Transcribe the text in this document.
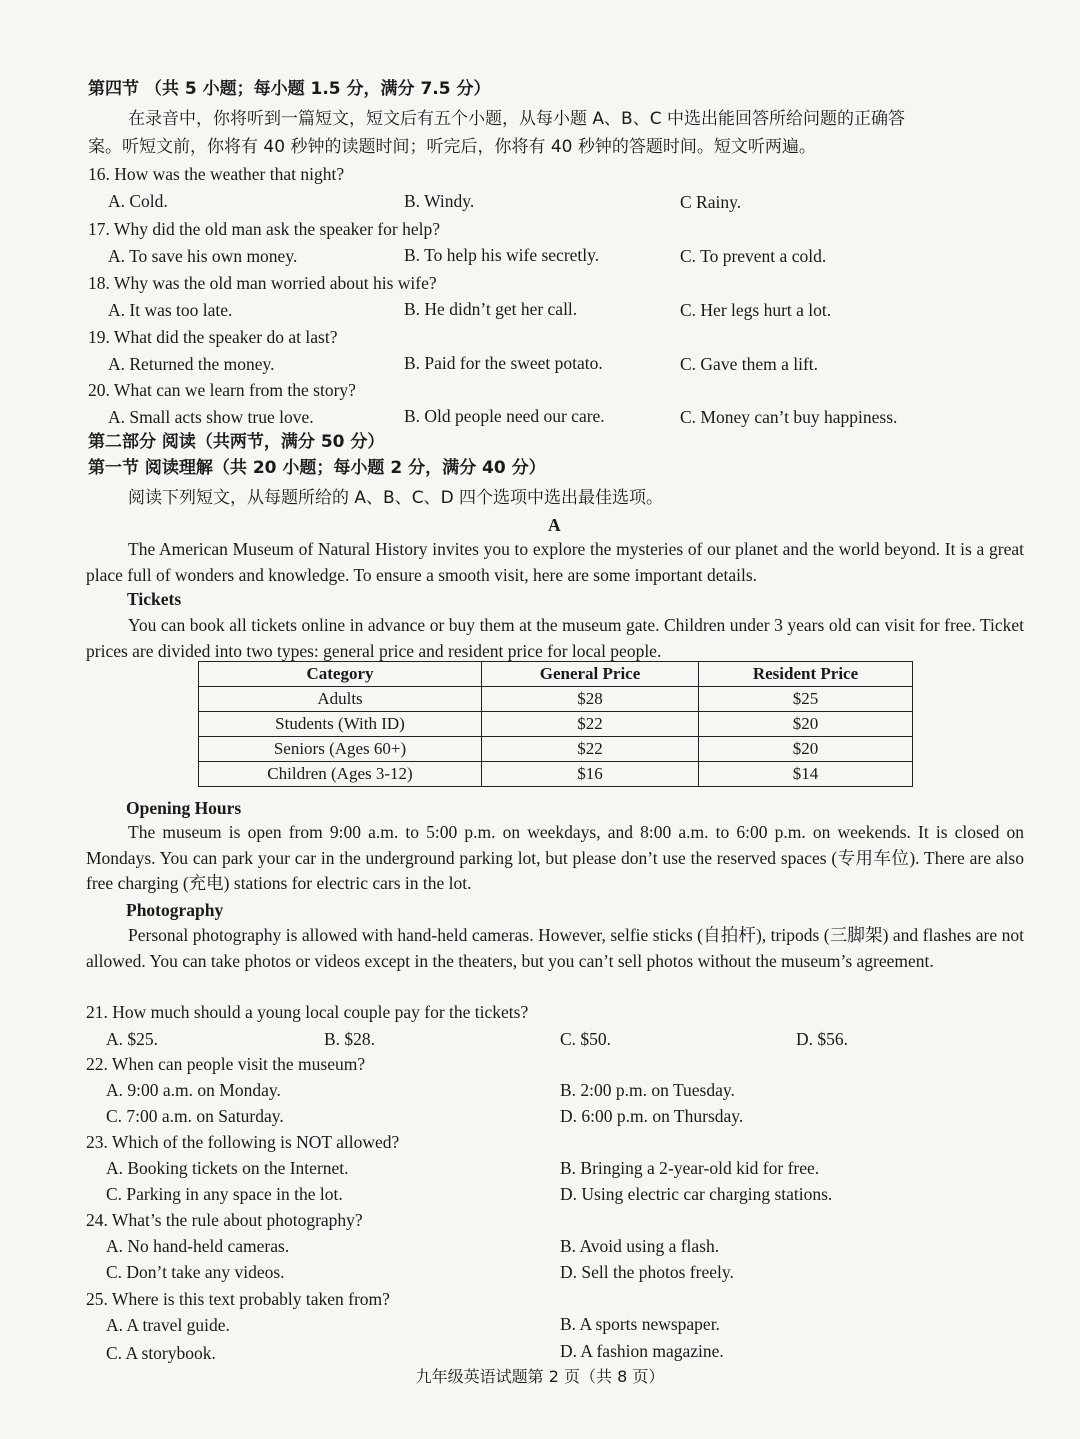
第四节 （共 5 小题；每小题 1.5 分，满分 7.5 分）
在录音中，你将听到一篇短文，短文后有五个小题，从每小题 A、B、C 中选出能回答所给问题的正确答
案。听短文前，你将有 40 秒钟的读题时间；听完后，你将有 40 秒钟的答题时间。短文听两遍。
16. How was the weather that night?
A. Cold.	B. Windy.	C Rainy.
17. Why did the old man ask the speaker for help?
A. To save his own money.	B. To help his wife secretly.	C. To prevent a cold.
18. Why was the old man worried about his wife?
A. It was too late.	B. He didn’t get her call.	C. Her legs hurt a lot.
19. What did the speaker do at last?
A. Returned the money.	B. Paid for the sweet potato.	C. Gave them a lift.
20. What can we learn from the story?
A. Small acts show true love.	B. Old people need our care.	C. Money can’t buy happiness.
第二部分 阅读（共两节，满分 50 分）
第一节 阅读理解（共 20 小题；每小题 2 分，满分 40 分）
阅读下列短文，从每题所给的 A、B、C、D 四个选项中选出最佳选项。
A
The American Museum of Natural History invites you to explore the mysteries of our planet and the world beyond. It is a great place full of wonders and knowledge. To ensure a smooth visit, here are some important details.
Tickets
You can book all tickets online in advance or buy them at the museum gate. Children under 3 years old can visit for free. Ticket prices are divided into two types: general price and resident price for local people.
Category	General Price	Resident Price
Adults	$28	$25
Students (With ID)	$22	$20
Seniors (Ages 60+)	$22	$20
Children (Ages 3-12)	$16	$14
Opening Hours
The museum is open from 9:00 a.m. to 5:00 p.m. on weekdays, and 8:00 a.m. to 6:00 p.m. on weekends. It is closed on Mondays. You can park your car in the underground parking lot, but please don’t use the reserved spaces (专用车位). There are also free charging (充电) stations for electric cars in the lot.
Photography
Personal photography is allowed with hand-held cameras. However, selfie sticks (自拍杆), tripods (三脚架) and flashes are not allowed. You can take photos or videos except in the theaters, but you can’t sell photos without the museum’s agreement.
21. How much should a young local couple pay for the tickets?
A. $25.	B. $28.	C. $50.	D. $56.
22. When can people visit the museum?
A. 9:00 a.m. on Monday.	B. 2:00 p.m. on Tuesday.
C. 7:00 a.m. on Saturday.	D. 6:00 p.m. on Thursday.
23. Which of the following is NOT allowed?
A. Booking tickets on the Internet.	B. Bringing a 2-year-old kid for free.
C. Parking in any space in the lot.	D. Using electric car charging stations.
24. What’s the rule about photography?
A. No hand-held cameras.	B. Avoid using a flash.
C. Don’t take any videos.	D. Sell the photos freely.
25. Where is this text probably taken from?
A. A travel guide.	B. A sports newspaper.
C. A storybook.	D. A fashion magazine.
九年级英语试题第 2 页（共 8 页）
